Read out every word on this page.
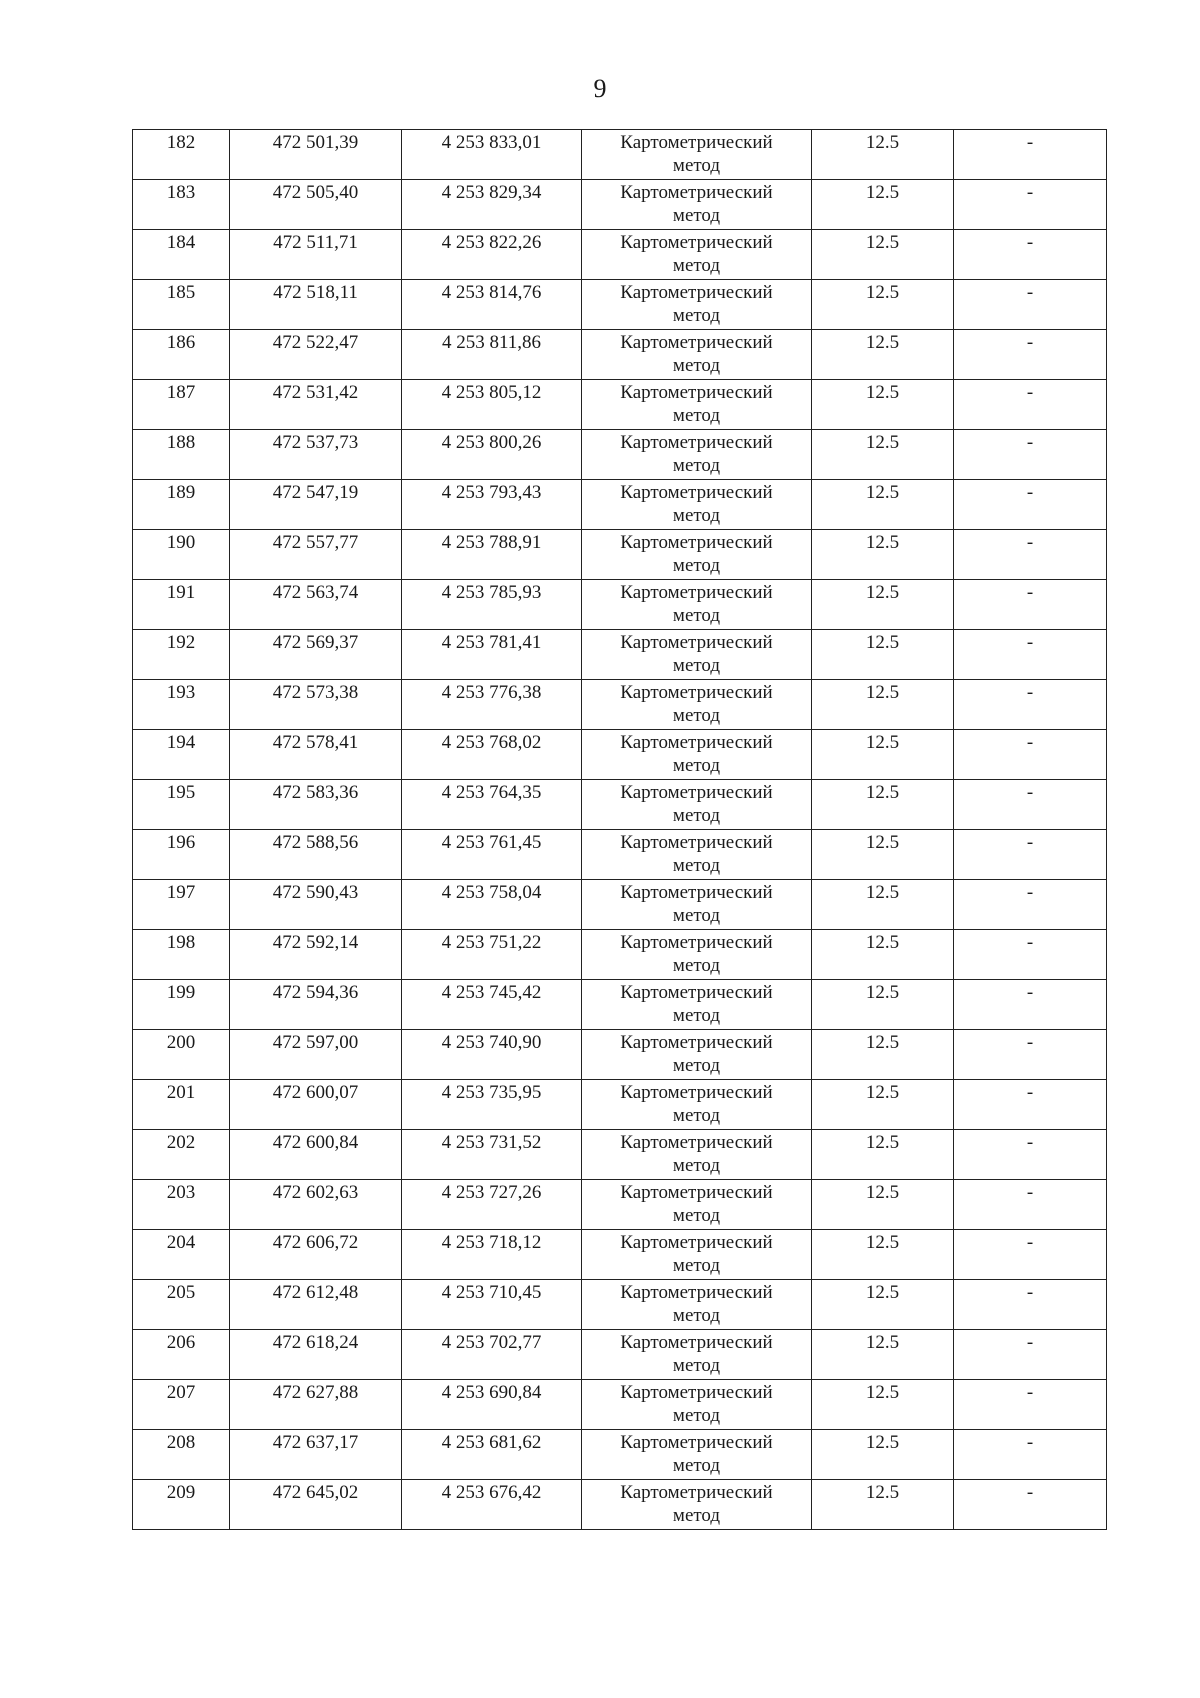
9
182	472 501,39	4 253 833,01	Картометрический
метод	12.5	-

183	472 505,40	4 253 829,34	Картометрический
метод	12.5	-

184	472 511,71	4 253 822,26	Картометрический
метод	12.5	-

185	472 518,11	4 253 814,76	Картометрический
метод	12.5	-

186	472 522,47	4 253 811,86	Картометрический
метод	12.5	-

187	472 531,42	4 253 805,12	Картометрический
метод	12.5	-

188	472 537,73	4 253 800,26	Картометрический
метод	12.5	-

189	472 547,19	4 253 793,43	Картометрический
метод	12.5	-

190	472 557,77	4 253 788,91	Картометрический
метод	12.5	-

191	472 563,74	4 253 785,93	Картометрический
метод	12.5	-

192	472 569,37	4 253 781,41	Картометрический
метод	12.5	-

193	472 573,38	4 253 776,38	Картометрический
метод	12.5	-

194	472 578,41	4 253 768,02	Картометрический
метод	12.5	-

195	472 583,36	4 253 764,35	Картометрический
метод	12.5	-

196	472 588,56	4 253 761,45	Картометрический
метод	12.5	-

197	472 590,43	4 253 758,04	Картометрический
метод	12.5	-

198	472 592,14	4 253 751,22	Картометрический
метод	12.5	-

199	472 594,36	4 253 745,42	Картометрический
метод	12.5	-

200	472 597,00	4 253 740,90	Картометрический
метод	12.5	-

201	472 600,07	4 253 735,95	Картометрический
метод	12.5	-

202	472 600,84	4 253 731,52	Картометрический
метод	12.5	-

203	472 602,63	4 253 727,26	Картометрический
метод	12.5	-

204	472 606,72	4 253 718,12	Картометрический
метод	12.5	-

205	472 612,48	4 253 710,45	Картометрический
метод	12.5	-

206	472 618,24	4 253 702,77	Картометрический
метод	12.5	-

207	472 627,88	4 253 690,84	Картометрический
метод	12.5	-

208	472 637,17	4 253 681,62	Картометрический
метод	12.5	-

209	472 645,02	4 253 676,42	Картометрический
метод	12.5	-
